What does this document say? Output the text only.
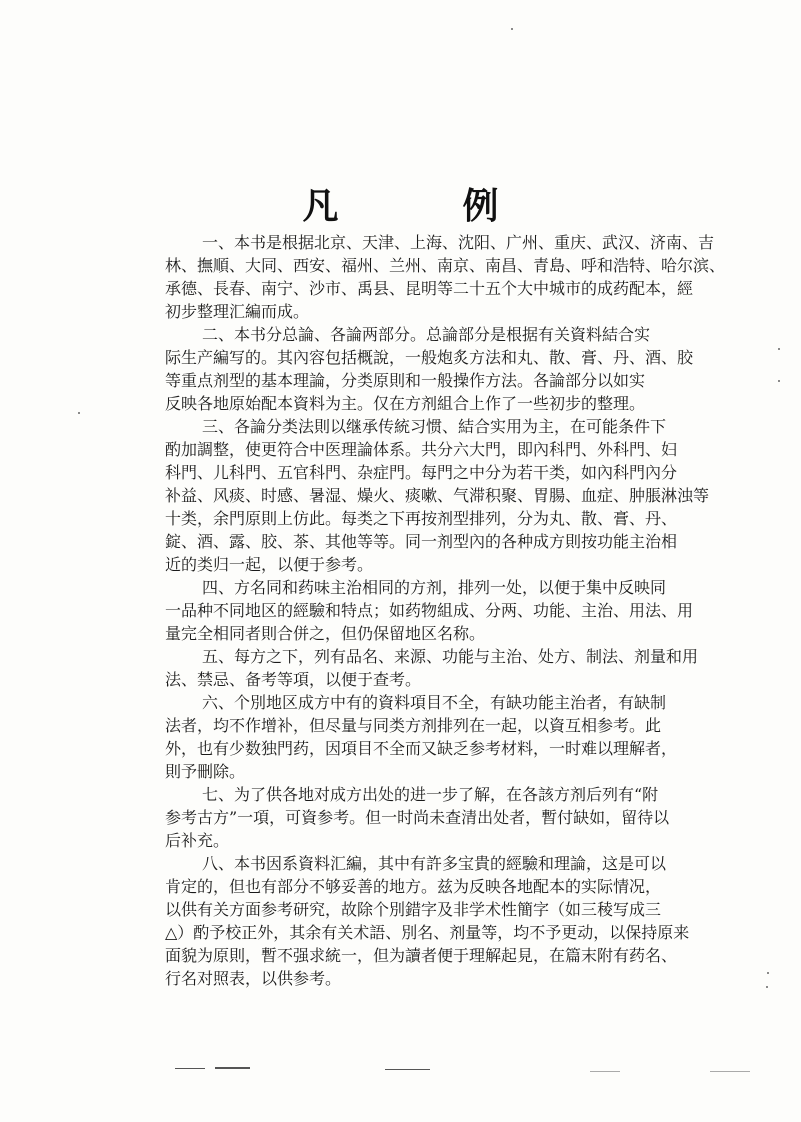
凡　例
一、本书是根据北京、天津、上海、沈阳、广州、重庆、武汉、济南、吉
林、撫順、大同、西安、福州、兰州、南京、南昌、青島、呼和浩特、哈尔滨、
承德、長春、南宁、沙市、禹县、昆明等二十五个大中城市的成药配本，經
初步整理汇編而成。
二、本书分总論、各論两部分。总論部分是根据有关資料結合实
际生产編写的。其內容包括概說，一般炮炙方法和丸、散、膏、丹、酒、胶
等重点剂型的基本理論，分类原則和一般操作方法。各論部分以如实
反映各地原始配本資料为主。仅在方剂組合上作了一些初步的整理。
三、各論分类法則以继承传統习惯、結合实用为主，在可能条件下
酌加調整，使更符合中医理論体系。共分六大門，即內科門、外科門、妇
科門、儿科門、五官科門、杂症門。每門之中分为若干类，如內科門內分
补益、风痰、时感、暑湿、燥火、痰嗽、气滞积聚、胃腸、血症、肿脹淋浊等
十类，余門原則上仿此。每类之下再按剂型排列，分为丸、散、膏、丹、
錠、酒、露、胶、茶、其他等等。同一剂型內的各种成方則按功能主治相
近的类归一起，以便于参考。
四、方名同和药味主治相同的方剂，排列一处，以便于集中反映同
一品种不同地区的經驗和特点；如药物組成、分两、功能、主治、用法、用
量完全相同者則合併之，但仍保留地区名称。
五、每方之下，列有品名、来源、功能与主治、处方、制法、剂量和用
法、禁忌、备考等項，以便于查考。
六、个別地区成方中有的資料項目不全，有缺功能主治者，有缺制
法者，均不作增补，但尽量与同类方剂排列在一起，以資互相参考。此
外，也有少数独門药，因項目不全而又缺乏参考材料，一时难以理解者，
則予刪除。
七、为了供各地对成方出处的进一步了解，在各該方剂后列有“附
参考古方”一項，可資参考。但一时尚未查清出处者，暫付缺如，留待以
后补充。
八、本书因系資料汇編，其中有許多宝貴的經驗和理論，这是可以
肯定的，但也有部分不够妥善的地方。兹为反映各地配本的实际情况，
以供有关方面参考研究，故除个別錯字及非学术性簡字（如三稜写成三
△）酌予校正外，其余有关术語、別名、剂量等，均不予更动，以保持原来
面貌为原則，暫不强求統一，但为讀者便于理解起見，在篇末附有药名、
行名对照表，以供参考。
